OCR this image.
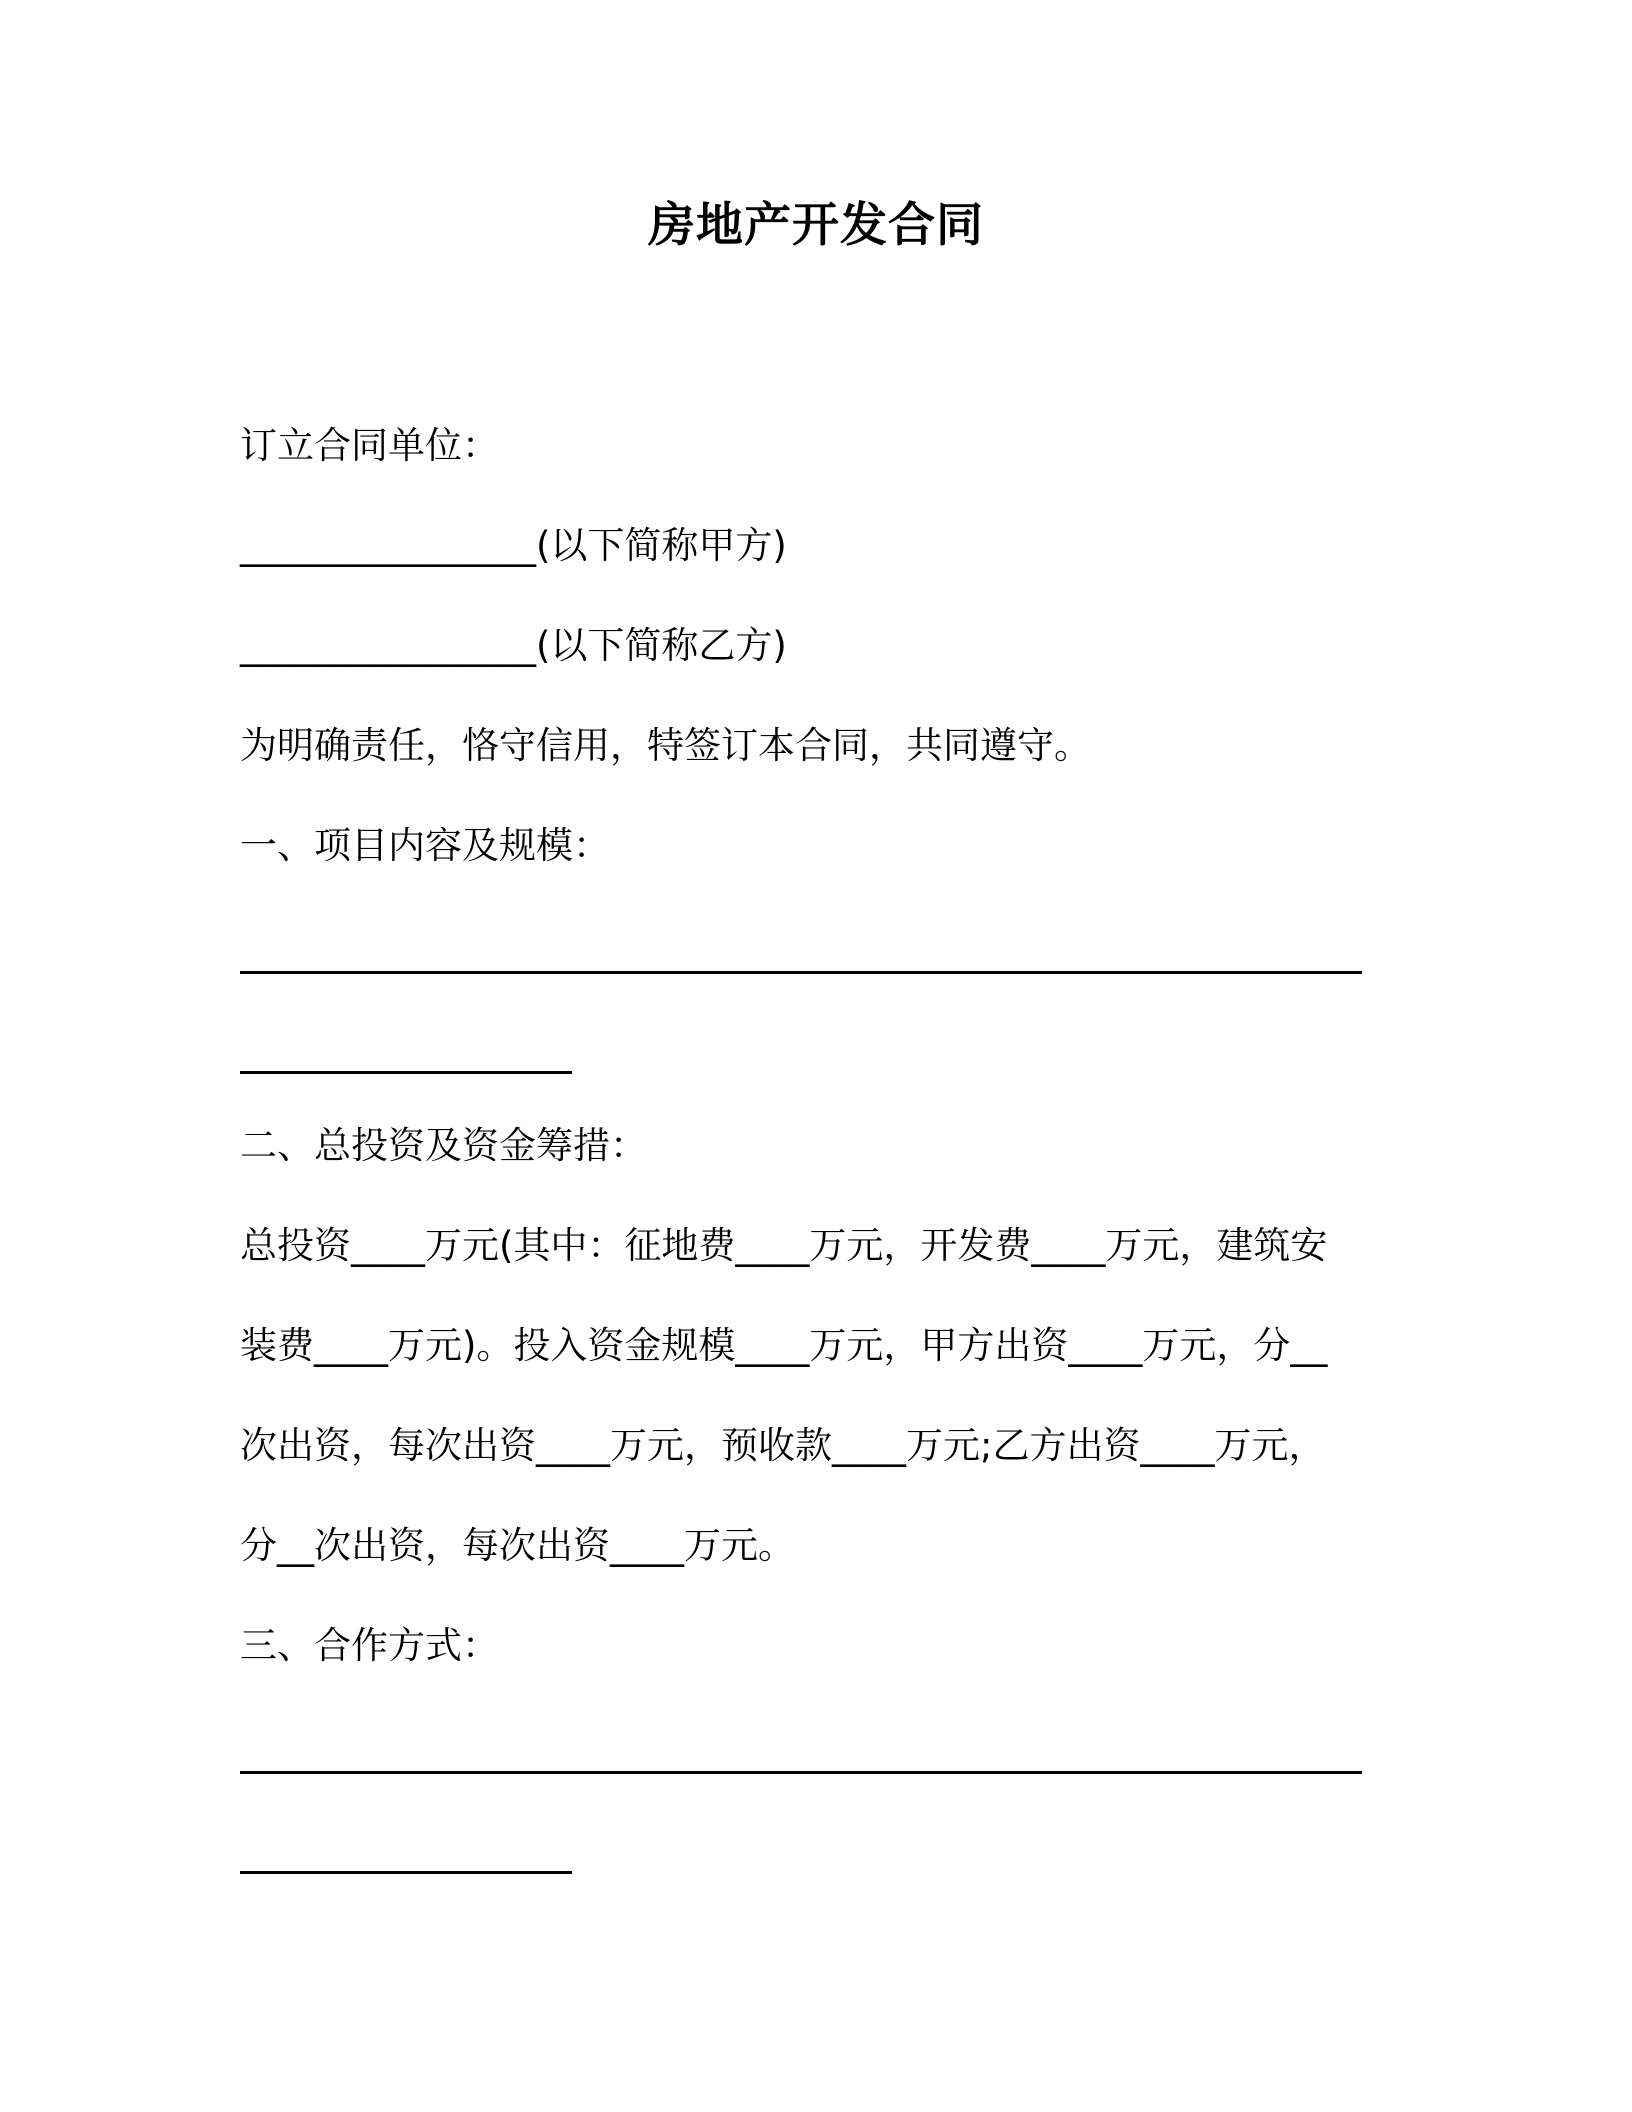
房地产开发合同
订立合同单位：
________________(以下简称甲方)
________________(以下简称乙方)
为明确责任，恪守信用，特签订本合同，共同遵守。
一、项目内容及规模：
二、总投资及资金筹措：
总投资____万元(其中：征地费____万元，开发费____万元，建筑安
装费____万元)。投入资金规模____万元，甲方出资____万元，分__
次出资，每次出资____万元，预收款____万元;乙方出资____万元，
分__次出资，每次出资____万元。
三、合作方式：
